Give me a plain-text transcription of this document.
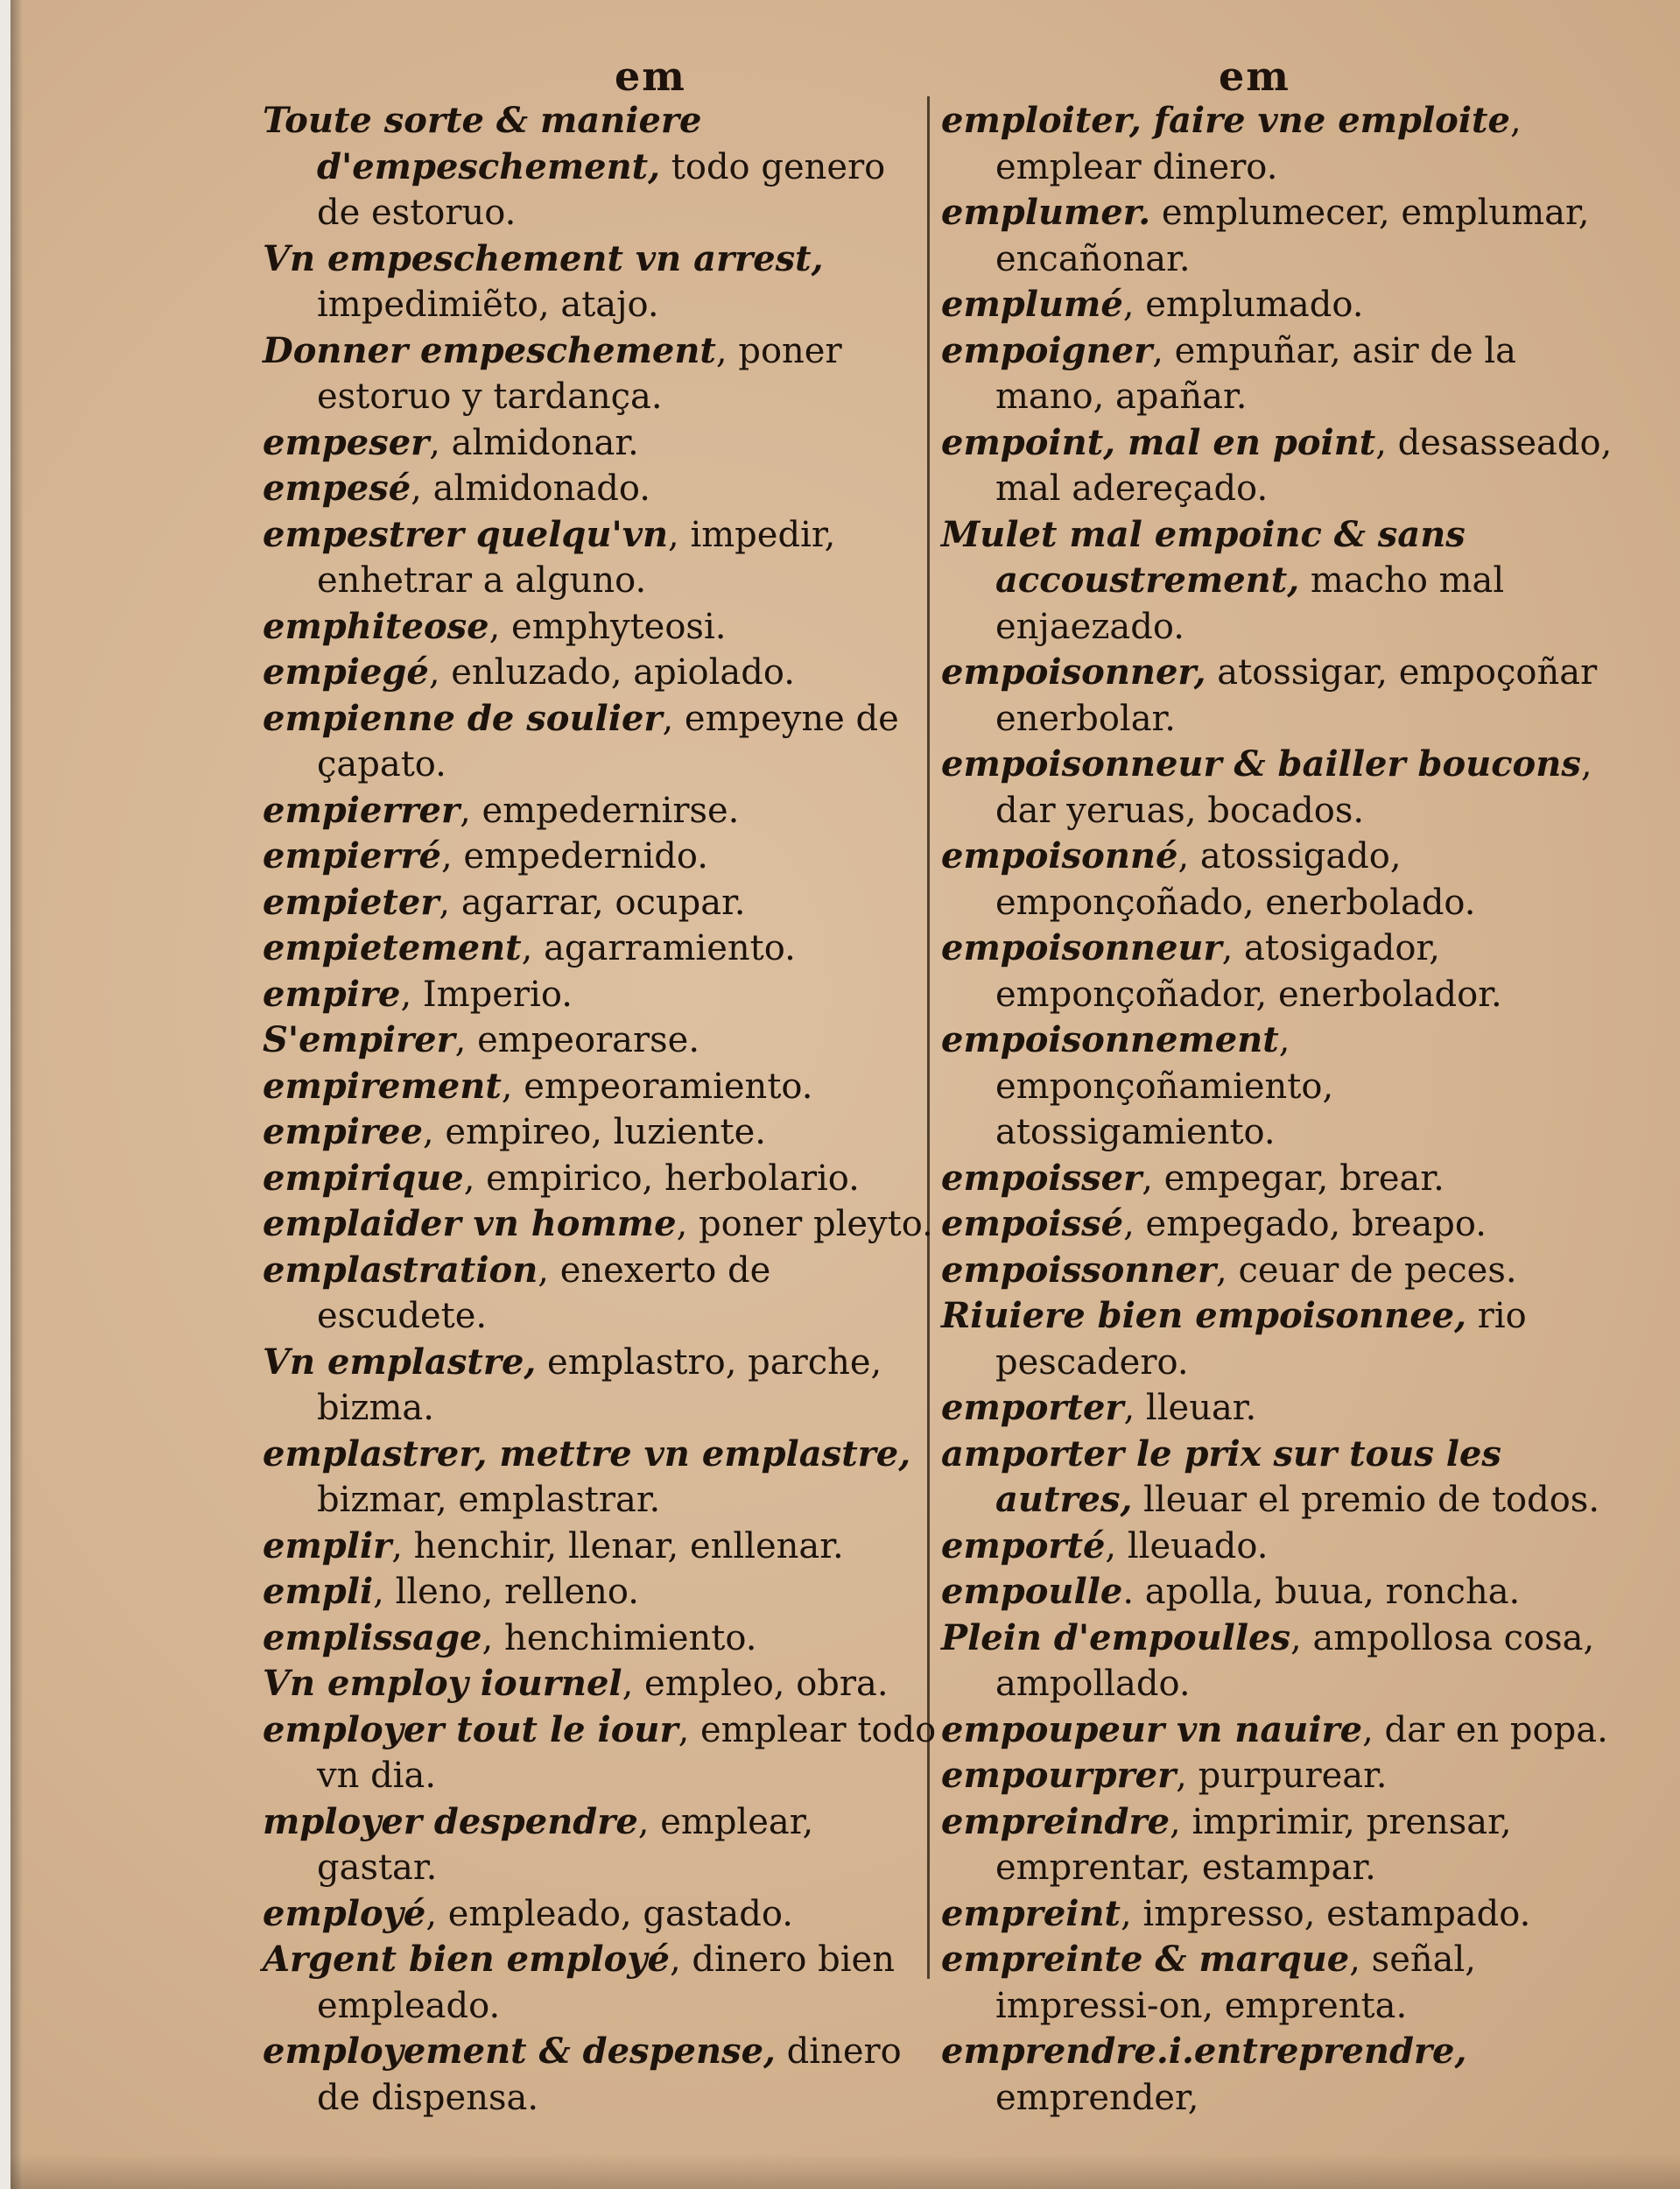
em	em
Toute sorte & maniere d'empeschement, todo genero de estoruo.
Vn empeschement vn arrest, impedimiẽto, atajo.
Donner empeschement, poner estoruo y tardança.
empeser, almidonar.
empesé, almidonado.
empestrer quelqu'vn, impedir, enhetrar a alguno.
emphiteose, emphyteosi.
empiegé, enluzado, apiolado.
empienne de soulier, empeyne de çapato.
empierrer, empedernirse.
empierré, empedernido.
empieter, agarrar, ocupar.
empietement, agarramiento.
empire, Imperio.
S'empirer, empeorarse.
empirement, empeoramiento.
empiree, empireo, luziente.
empirique, empirico, herbolario.
emplaider vn homme, poner pleyto.
emplastration, enexerto de escudete.
Vn emplastre, emplastro, parche, bizma.
emplastrer, mettre vn emplastre, bizmar, emplastrar.
emplir, henchir, llenar, enllenar.
empli, lleno, relleno.
emplissage, henchimiento.
Vn employ iournel, empleo, obra.
employer tout le iour, emplear todo vn dia.
mployer despendre, emplear, gastar.
employé, empleado, gastado.
Argent bien employé, dinero bien empleado.
employement & despense, dinero de dispensa.
emploiter, faire vne emploite, emplear dinero.
emplumer. emplumecer, emplumar, encañonar.
emplumé, emplumado.
empoigner, empuñar, asir de la mano, apañar.
empoint, mal en point, desasseado, mal adereçado.
Mulet mal empoinc & sans accoustrement, macho mal enjaezado.
empoisonner, atossigar, empoçoñar enerbolar.
empoisonneur & bailler boucons, dar yeruas, bocados.
empoisonné, atossigado, emponçoñado, enerbolado.
empoisonneur, atosigador, emponçoñador, enerbolador.
empoisonnement, emponçoñamiento, atossigamiento.
empoisser, empegar, brear.
empoissé, empegado, breapo.
empoissonner, ceuar de peces.
Riuiere bien empoisonnee, rio pescadero.
emporter, lleuar.
amporter le prix sur tous les autres, lleuar el premio de todos.
emporté, lleuado.
empoulle. apolla, buua, roncha.
Plein d'empoulles, ampollosa cosa, ampollado.
empoupeur vn nauire, dar en popa.
empourprer, purpurear.
empreindre, imprimir, prensar, emprentar, estampar.
empreint, impresso, estampado.
empreinte & marque, señal, impressi-on, emprenta.
emprendre.i.entreprendre, emprender,
